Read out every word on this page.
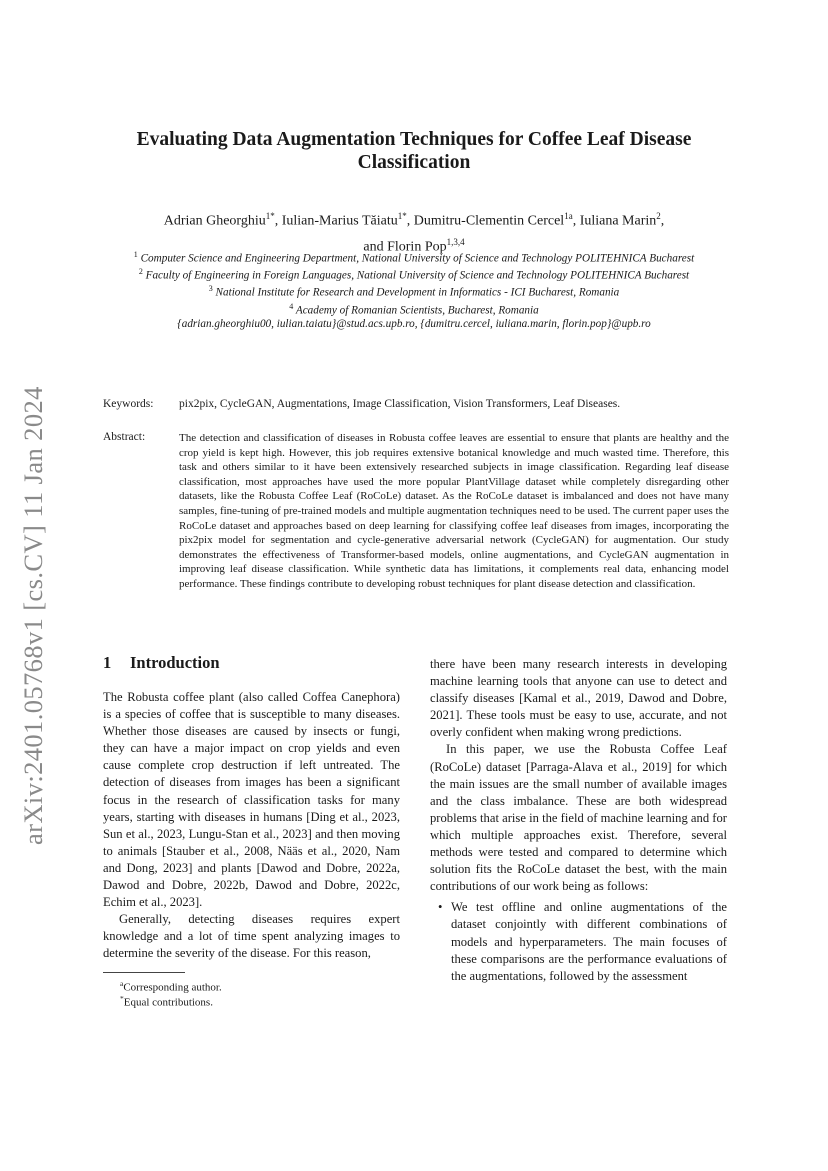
arXiv:2401.05768v1 [cs.CV] 11 Jan 2024
Evaluating Data Augmentation Techniques for Coffee Leaf Disease Classification
Adrian Gheorghiu$^{1*}$, Iulian-Marius Tăiatu$^{1*}$, Dumitru-Clementin Cercel$^{1a}$, Iuliana Marin$^2$,
and Florin Pop$^{1,3,4}$
$^1$ Computer Science and Engineering Department, National University of Science and Technology POLITEHNICA Bucharest
$^2$ Faculty of Engineering in Foreign Languages, National University of Science and Technology POLITEHNICA Bucharest
$^3$ National Institute for Research and Development in Informatics - ICI Bucharest, Romania
$^4$ Academy of Romanian Scientists, Bucharest, Romania
{adrian.gheorghiu00, iulian.taiatu}@stud.acs.upb.ro, {dumitru.cercel, iuliana.marin, florin.pop}@upb.ro
Keywords: pix2pix, CycleGAN, Augmentations, Image Classification, Vision Transformers, Leaf Diseases.
Abstract:	The detection and classification of diseases in Robusta coffee leaves are essential to ensure that plants are healthy and the crop yield is kept high. However, this job requires extensive botanical knowledge and much wasted time. Therefore, this task and others similar to it have been extensively researched subjects in image classification. Regarding leaf disease classification, most approaches have used the more popular PlantVillage dataset while completely disregarding other datasets, like the Robusta Coffee Leaf (RoCoLe) dataset. As the RoCoLe dataset is imbalanced and does not have many samples, fine-tuning of pre-trained models and multiple augmentation techniques need to be used. The current paper uses the RoCoLe dataset and approaches based on deep learning for classifying coffee leaf diseases from images, incorporating the pix2pix model for segmentation and cycle-generative adversarial network (CycleGAN) for augmentation. Our study demonstrates the effectiveness of Transformer-based models, online augmentations, and CycleGAN augmentation in improving leaf disease classification. While synthetic data has limitations, it complements real data, enhancing model performance. These findings contribute to developing robust techniques for plant disease detection and classification.
1 Introduction

The Robusta coffee plant (also called Coffea Canephora) is a species of coffee that is susceptible to many diseases. Whether those diseases are caused by insects or fungi, they can have a major impact on crop yields and even cause complete crop destruction if left untreated. The detection of diseases from images has been a significant focus in the research of classification tasks for many years, starting with diseases in humans [Ding et al., 2023, Sun et al., 2023, Lungu-Stan et al., 2023] and then moving to animals [Stauber et al., 2008, Nääs et al., 2020, Nam and Dong, 2023] and plants [Dawod and Dobre, 2022a, Dawod and Dobre, 2022b, Dawod and Dobre, 2022c, Echim et al., 2023].

Generally, detecting diseases requires expert knowledge and a lot of time spent analyzing images to determine the severity of the disease. For this reason,

there have been many research interests in developing machine learning tools that anyone can use to detect and classify diseases [Kamal et al., 2019, Dawod and Dobre, 2021]. These tools must be easy to use, accurate, and not overly confident when making wrong predictions.

In this paper, we use the Robusta Coffee Leaf (RoCoLe) dataset [Parraga-Alava et al., 2019] for which the main issues are the small number of available images and the class imbalance. These are both widespread problems that arise in the field of machine learning and for which multiple approaches exist. Therefore, several methods were tested and compared to determine which solution fits the RoCoLe dataset the best, with the main contributions of our work being as follows:

• We test offline and online augmentations of the dataset conjointly with different combinations of models and hyperparameters. The main focuses of these comparisons are the performance evaluations of the augmentations, followed by the assessment
$^a$Corresponding author.
*Equal contributions.
